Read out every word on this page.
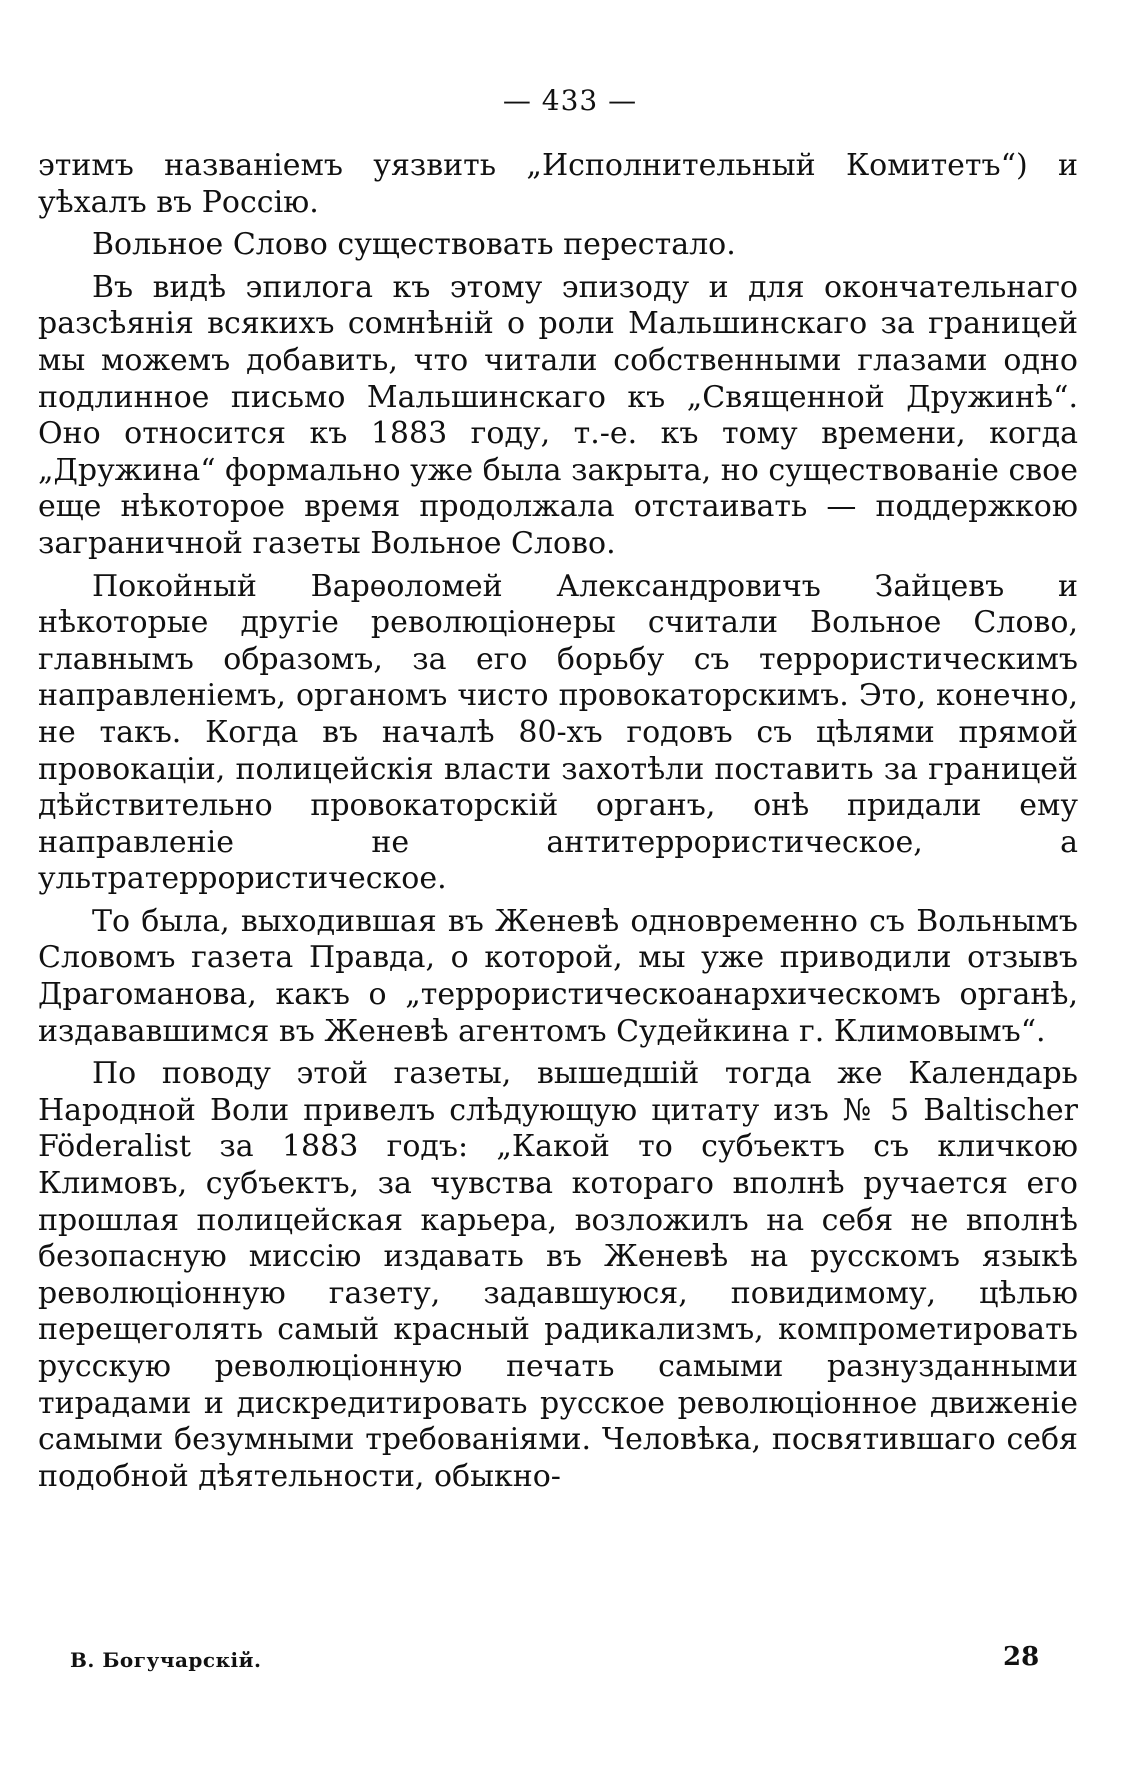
— 433 —

этимъ названіемъ уязвить „Исполнительный Комитетъ“) и уѣхалъ въ Россію.

Вольное Слово существовать перестало.

Въ видѣ эпилога къ этому эпизоду и для окончательнаго разсѣянія всякихъ сомнѣній о роли Мальшинскаго за границей мы можемъ добавить, что читали собственными глазами одно подлинное письмо Мальшинскаго къ „Священной Дружинѣ“. Оно относится къ 1883 году, т.-е. къ тому времени, когда „Дружина“ формально уже была закрыта, но существованіе свое еще нѣкоторое время продолжала отстаивать — поддержкою заграничной газеты Вольное Слово.

Покойный Варѳоломей Александровичъ Зайцевъ и нѣкоторые другіе революціонеры считали Вольное Слово, главнымъ образомъ, за его борьбу съ террористическимъ направленіемъ, органомъ чисто провокаторскимъ. Это, конечно, не такъ. Когда въ началѣ 80-хъ годовъ съ цѣлями прямой провокаціи, полицейскія власти захотѣли поставить за границей дѣйствительно провокаторскій органъ, онѣ придали ему направленіе не антитеррористическое, а ультратеррористическое.

То была, выходившая въ Женевѣ одновременно съ Вольнымъ Словомъ газета Правда, о которой, мы уже приводили отзывъ Драгоманова, какъ о „террористическоанархическомъ органѣ, издававшимся въ Женевѣ агентомъ Судейкина г. Климовымъ“.

По поводу этой газеты, вышедшій тогда же Календарь Народной Воли привелъ слѣдующую цитату изъ № 5 Baltischer Föderalist за 1883 годъ: „Какой то субъектъ съ кличкою Климовъ, субъектъ, за чувства котораго вполнѣ ручается его прошлая полицейская карьера, возложилъ на себя не вполнѣ безопасную миссію издавать въ Женевѣ на русскомъ языкѣ революціонную газету, задавшуюся, повидимому, цѣлью перещеголять самый красный радикализмъ, компрометировать русскую революціонную печать самыми разнузданными тирадами и дискредитировать русское революціонное движеніе самыми безумными требованіями. Человѣка, посвятившаго себя подобной дѣятельности, обыкно-

В. Богучарскій.	28
